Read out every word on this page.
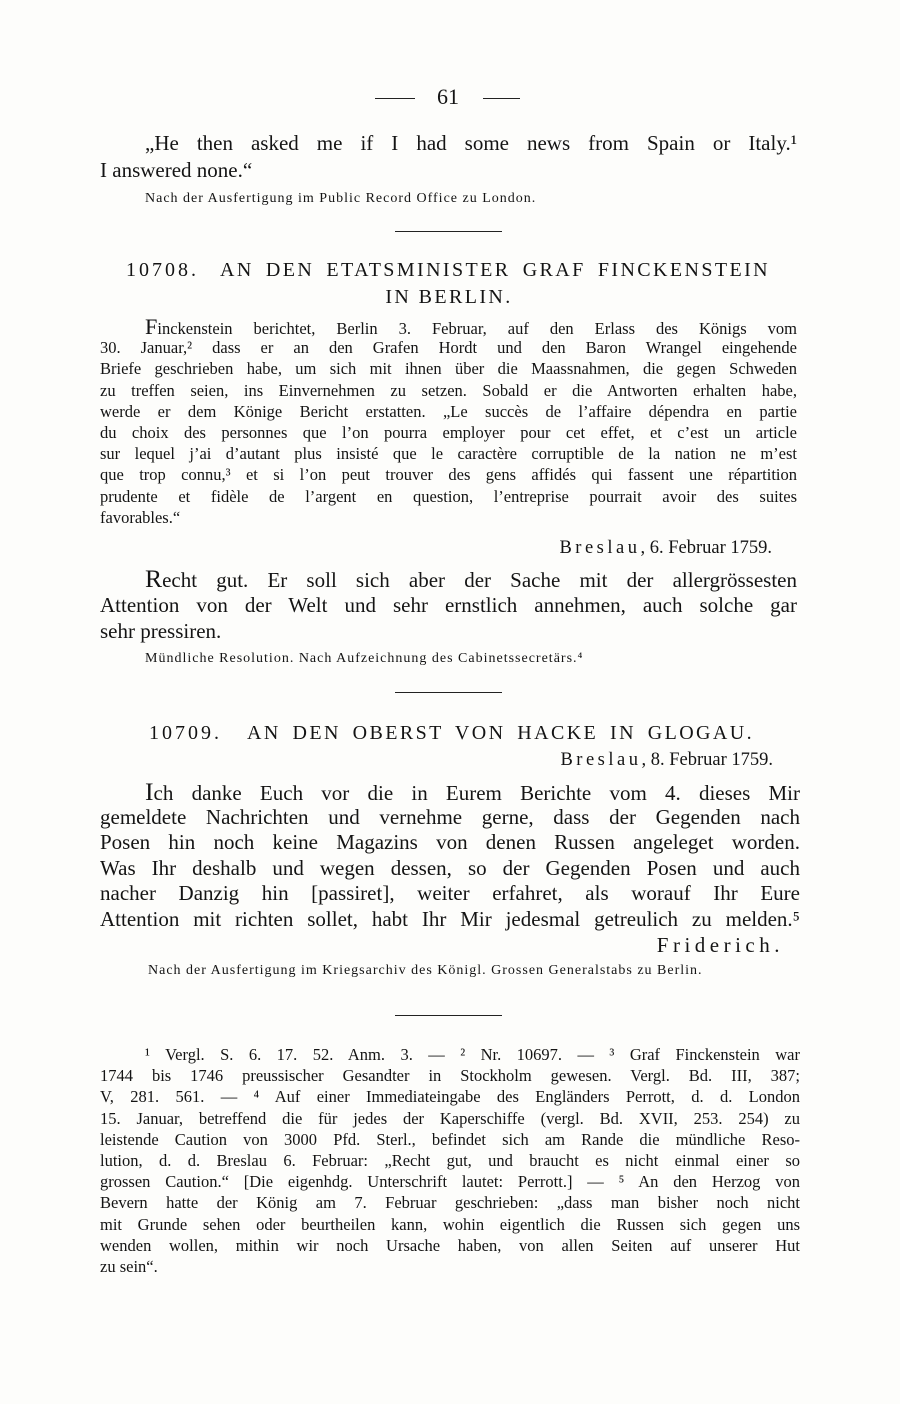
61
„He then asked me if I had some news from Spain or Italy.¹
I answered none.“
Nach der Ausfertigung im Public Record Office zu London.
10708. AN DEN ETATSMINISTER GRAF FINCKENSTEIN
IN BERLIN.
Finckenstein berichtet, Berlin 3. Februar, auf den Erlass des Königs vom
30. Januar,² dass er an den Grafen Hordt und den Baron Wrangel eingehende
Briefe geschrieben habe, um sich mit ihnen über die Maassnahmen, die gegen Schweden
zu treffen seien, ins Einvernehmen zu setzen. Sobald er die Antworten erhalten habe,
werde er dem Könige Bericht erstatten. „Le succès de l’affaire dépendra en partie
du choix des personnes que l’on pourra employer pour cet effet, et c’est un article
sur lequel j’ai d’autant plus insisté que le caractère corruptible de la nation ne m’est
que trop connu,³ et si l’on peut trouver des gens affidés qui fassent une répartition
prudente et fidèle de l’argent en question, l’entreprise pourrait avoir des suites
favorables.“
Breslau, 6. Februar 1759.
Recht gut. Er soll sich aber der Sache mit der allergrössesten
Attention von der Welt und sehr ernstlich annehmen, auch solche gar
sehr pressiren.
Mündliche Resolution. Nach Aufzeichnung des Cabinetssecretärs.⁴
10709. AN DEN OBERST VON HACKE IN GLOGAU.
Breslau, 8. Februar 1759.
Ich danke Euch vor die in Eurem Berichte vom 4. dieses Mir
gemeldete Nachrichten und vernehme gerne, dass der Gegenden nach
Posen hin noch keine Magazins von denen Russen angeleget worden.
Was Ihr deshalb und wegen dessen, so der Gegenden Posen und auch
nacher Danzig hin [passiret], weiter erfahret, als worauf Ihr Eure
Attention mit richten sollet, habt Ihr Mir jedesmal getreulich zu melden.⁵
Friderich.
Nach der Ausfertigung im Kriegsarchiv des Königl. Grossen Generalstabs zu Berlin.
¹ Vergl. S. 6. 17. 52. Anm. 3. — ² Nr. 10697. — ³ Graf Finckenstein war
1744 bis 1746 preussischer Gesandter in Stockholm gewesen. Vergl. Bd. III, 387;
V, 281. 561. — ⁴ Auf einer Immediateingabe des Engländers Perrott, d. d. London
15. Januar, betreffend die für jedes der Kaperschiffe (vergl. Bd. XVII, 253. 254) zu
leistende Caution von 3000 Pfd. Sterl., befindet sich am Rande die mündliche Reso-
lution, d. d. Breslau 6. Februar: „Recht gut, und braucht es nicht einmal einer so
grossen Caution.“ [Die eigenhdg. Unterschrift lautet: Perrott.] — ⁵ An den Herzog von
Bevern hatte der König am 7. Februar geschrieben: „dass man bisher noch nicht
mit Grunde sehen oder beurtheilen kann, wohin eigentlich die Russen sich gegen uns
wenden wollen, mithin wir noch Ursache haben, von allen Seiten auf unserer Hut
zu sein“.
